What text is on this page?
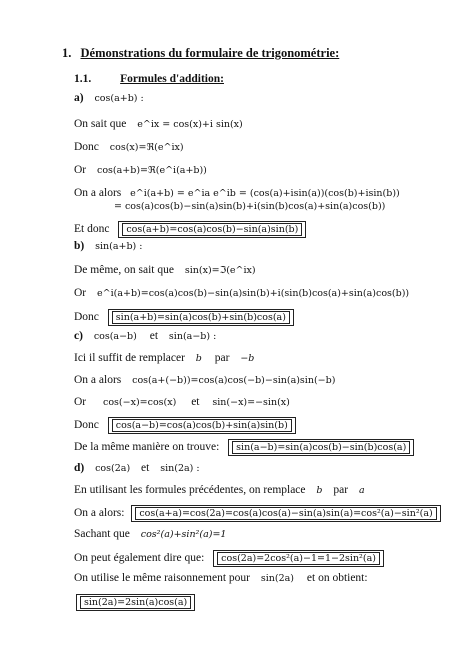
1. Démonstrations du formulaire de trigonométrie:
1.1.	Formules d'addition:
a) cos(a+b) :
On sait que e^ix = cos(x)+i sin(x)
Donc cos(x)=ℜ(e^ix)
Or cos(a+b)=ℜ(e^i(a+b))
On a alors e^i(a+b) = e^ia e^ib = (cos(a)+isin(a))(cos(b)+isin(b))
= cos(a)cos(b)−sin(a)sin(b)+i(sin(b)cos(a)+sin(a)cos(b))
Et donc cos(a+b)=cos(a)cos(b)−sin(a)sin(b)
b) sin(a+b) :
De même, on sait que sin(x)=ℑ(e^ix)
Or e^i(a+b)=cos(a)cos(b)−sin(a)sin(b)+i(sin(b)cos(a)+sin(a)cos(b))
Donc sin(a+b)=sin(a)cos(b)+sin(b)cos(a)
c) cos(a−b) et sin(a−b) :
Ici il suffit de remplacer b par −b
On a alors cos(a+(−b))=cos(a)cos(−b)−sin(a)sin(−b)
Or cos(−x)=cos(x) et sin(−x)=−sin(x)
Donc cos(a−b)=cos(a)cos(b)+sin(a)sin(b)
De la même manière on trouve: sin(a−b)=sin(a)cos(b)−sin(b)cos(a)
d) cos(2a) et sin(2a) :
En utilisant les formules précédentes, on remplace b par a
On a alors: cos(a+a)=cos(2a)=cos(a)cos(a)−sin(a)sin(a)=cos²(a)−sin²(a)
Sachant que cos²(a)+sin²(a)=1
On peut également dire que: cos(2a)=2cos²(a)−1=1−2sin²(a)
On utilise le même raisonnement pour sin(2a) et on obtient:
sin(2a)=2sin(a)cos(a)
